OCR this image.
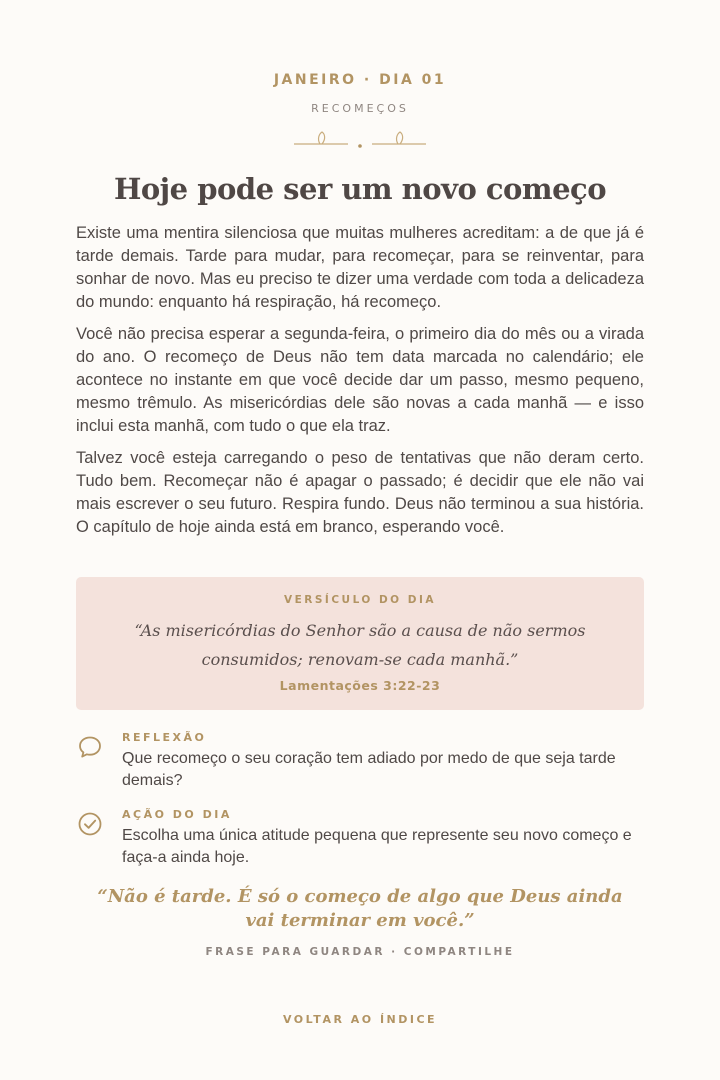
JANEIRO · DIA 01
RECOMEÇOS
Hoje pode ser um novo começo

Existe uma mentira silenciosa que muitas mulheres acreditam: a de que já é tarde demais. Tarde para mudar, para recomeçar, para se reinventar, para sonhar de novo. Mas eu preciso te dizer uma verdade com toda a delicadeza do mundo: enquanto há respiração, há recomeço.

Você não precisa esperar a segunda-feira, o primeiro dia do mês ou a virada do ano. O recomeço de Deus não tem data marcada no calendário; ele acontece no instante em que você decide dar um passo, mesmo pequeno, mesmo trêmulo. As misericórdias dele são novas a cada manhã — e isso inclui esta manhã, com tudo o que ela traz.

Talvez você esteja carregando o peso de tentativas que não deram certo. Tudo bem. Recomeçar não é apagar o passado; é decidir que ele não vai mais escrever o seu futuro. Respira fundo. Deus não terminou a sua história. O capítulo de hoje ainda está em branco, esperando você.

VERSÍCULO DO DIA
“As misericórdias do Senhor são a causa de não sermos consumidos; renovam-se cada manhã.”
Lamentações 3:22-23
REFLEXÃO
Que recomeço o seu coração tem adiado por medo de que seja tarde demais?
AÇÃO DO DIA
Escolha uma única atitude pequena que represente seu novo começo e faça-a ainda hoje.
“Não é tarde. É só o começo de algo que Deus ainda vai terminar em você.”
FRASE PARA GUARDAR · COMPARTILHE
VOLTAR AO ÍNDICE
